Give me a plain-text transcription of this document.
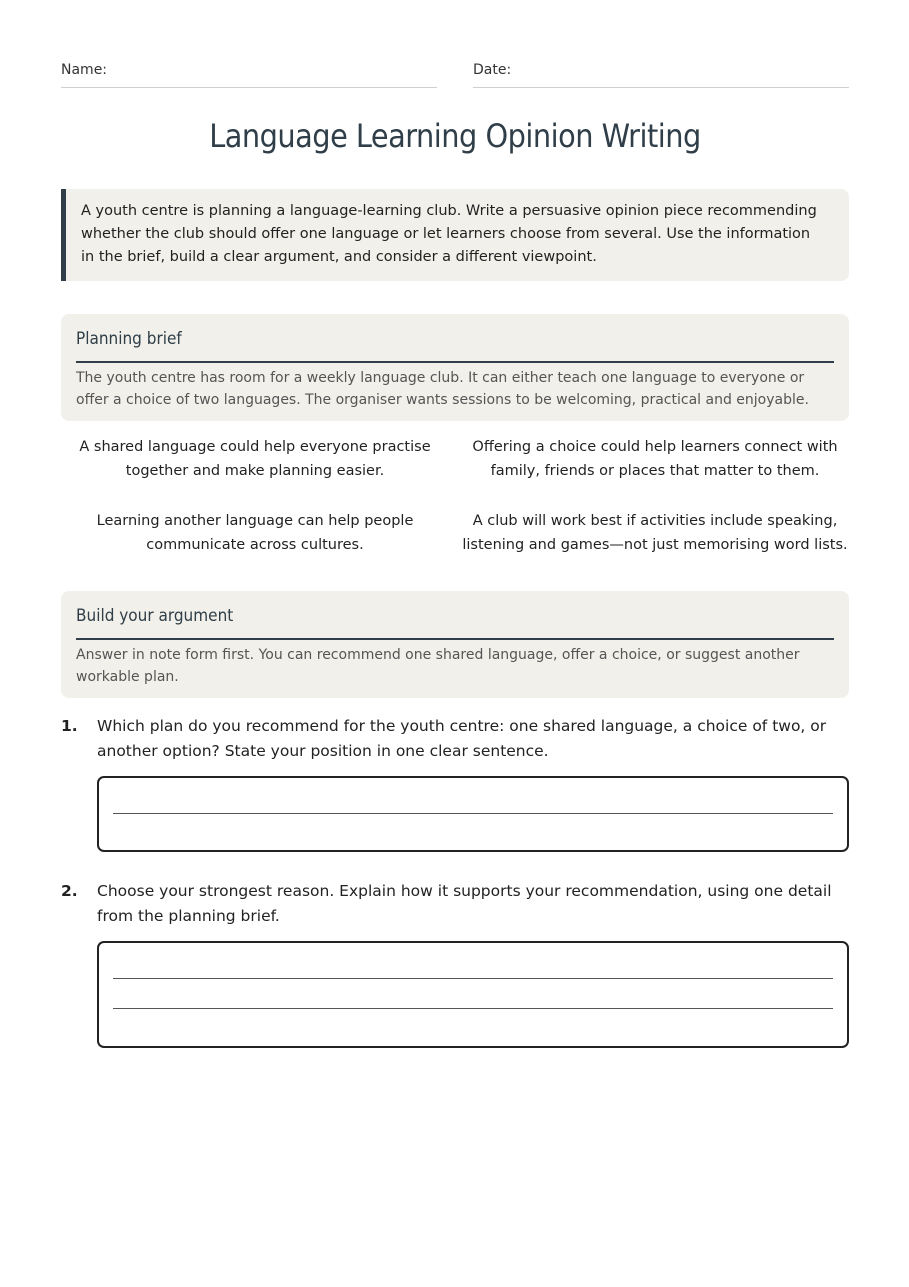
Name:	Date:
Language Learning Opinion Writing
A youth centre is planning a language-learning club. Write a persuasive opinion piece recommending whether the club should offer one language or let learners choose from several. Use the information in the brief, build a clear argument, and consider a different viewpoint.
Planning brief
The youth centre has room for a weekly language club. It can either teach one language to everyone or offer a choice of two languages. The organiser wants sessions to be welcoming, practical and enjoyable.
A shared language could help everyone practise together and make planning easier.
Offering a choice could help learners connect with family, friends or places that matter to them.
Learning another language can help people communicate across cultures.
A club will work best if activities include speaking, listening and games—not just memorising word lists.
Build your argument
Answer in note form first. You can recommend one shared language, offer a choice, or suggest another workable plan.
1. Which plan do you recommend for the youth centre: one shared language, a choice of two, or another option? State your position in one clear sentence.
2. Choose your strongest reason. Explain how it supports your recommendation, using one detail from the planning brief.
